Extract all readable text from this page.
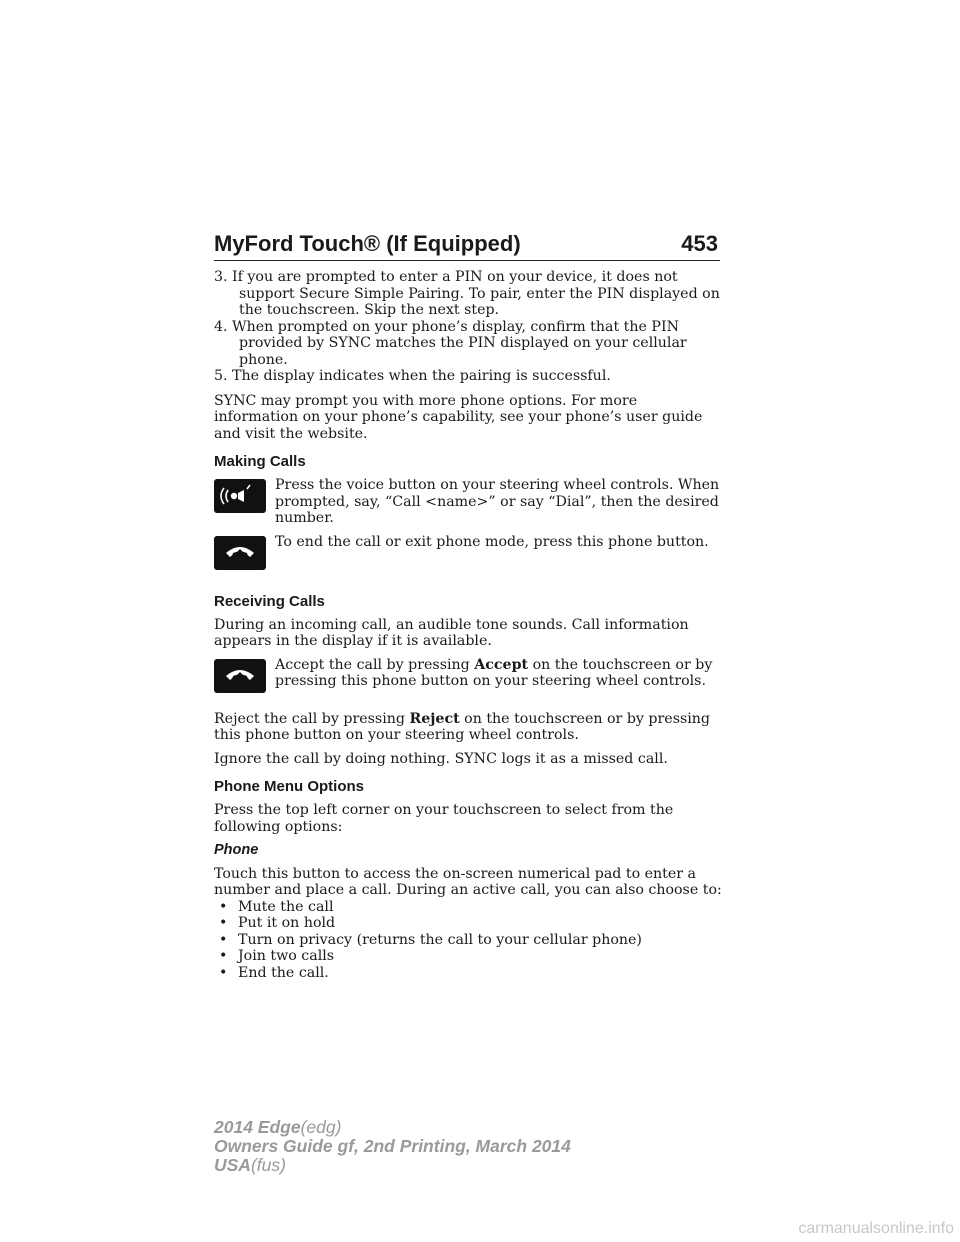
MyFord Touch® (If Equipped)	453

3. If you are prompted to enter a PIN on your device, it does not support Secure Simple Pairing. To pair, enter the PIN displayed on the touchscreen. Skip the next step.

4. When prompted on your phone’s display, confirm that the PIN provided by SYNC matches the PIN displayed on your cellular phone.

5. The display indicates when the pairing is successful.

SYNC may prompt you with more phone options. For more information on your phone’s capability, see your phone’s user guide and visit the website.

Making Calls

Press the voice button on your steering wheel controls. When prompted, say, “Call <name>” or say “Dial”, then the desired number.

To end the call or exit phone mode, press this phone button.

Receiving Calls

During an incoming call, an audible tone sounds. Call information appears in the display if it is available.

Accept the call by pressing Accept on the touchscreen or by pressing this phone button on your steering wheel controls.

Reject the call by pressing Reject on the touchscreen or by pressing this phone button on your steering wheel controls.

Ignore the call by doing nothing. SYNC logs it as a missed call.

Phone Menu Options

Press the top left corner on your touchscreen to select from the following options:

Phone

Touch this button to access the on-screen numerical pad to enter a number and place a call. During an active call, you can also choose to:

• Mute the call
• Put it on hold
• Turn on privacy (returns the call to your cellular phone)
• Join two calls
• End the call.
2014 Edge(edg)
Owners Guide gf, 2nd Printing, March 2014
USA(fus)
carmanualsonline.info
